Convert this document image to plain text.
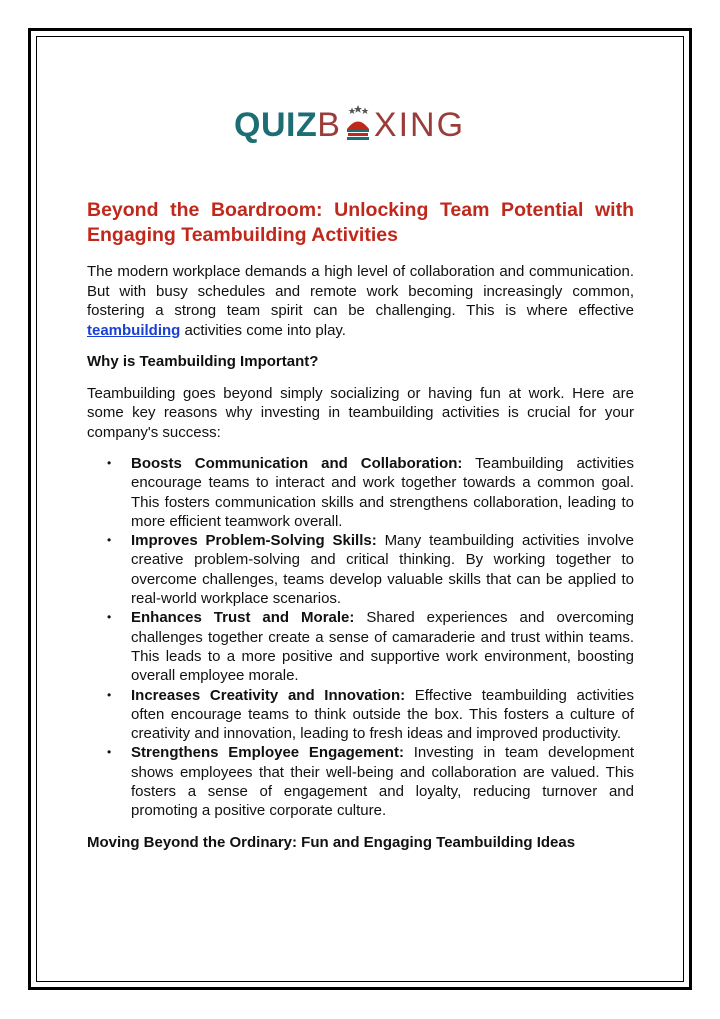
QUIZ B XING
Beyond the Boardroom: Unlocking Team Potential with Engaging Teambuilding Activities

The modern workplace demands a high level of collaboration and communication. But with busy schedules and remote work becoming increasingly common, fostering a strong team spirit can be challenging. This is where effective teambuilding activities come into play.

Why is Teambuilding Important?

Teambuilding goes beyond simply socializing or having fun at work. Here are some key reasons why investing in teambuilding activities is crucial for your company's success:

• Boosts Communication and Collaboration: Teambuilding activities encourage teams to interact and work together towards a common goal. This fosters communication skills and strengthens collaboration, leading to more efficient teamwork overall.
• Improves Problem-Solving Skills: Many teambuilding activities involve creative problem-solving and critical thinking. By working together to overcome challenges, teams develop valuable skills that can be applied to real-world workplace scenarios.
• Enhances Trust and Morale: Shared experiences and overcoming challenges together create a sense of camaraderie and trust within teams. This leads to a more positive and supportive work environment, boosting overall employee morale.
• Increases Creativity and Innovation: Effective teambuilding activities often encourage teams to think outside the box. This fosters a culture of creativity and innovation, leading to fresh ideas and improved productivity.
• Strengthens Employee Engagement: Investing in team development shows employees that their well-being and collaboration are valued. This fosters a sense of engagement and loyalty, reducing turnover and promoting a positive corporate culture.
Moving Beyond the Ordinary: Fun and Engaging Teambuilding Ideas
